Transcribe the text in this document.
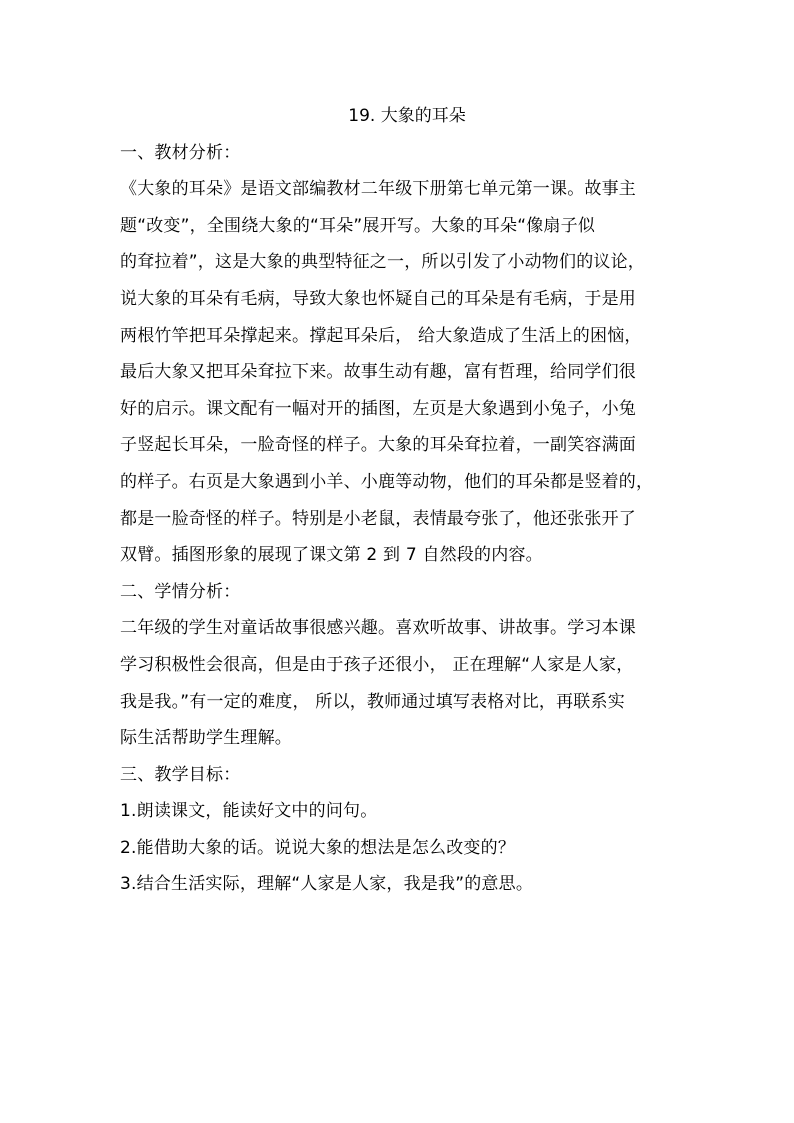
19. 大象的耳朵

一、教材分析：

《大象的耳朵》是语文部编教材二年级下册第七单元第一课。故事主

题“改变”，全围绕大象的“耳朵”展开写。大象的耳朵“像扇子似

的耷拉着”，这是大象的典型特征之一，所以引发了小动物们的议论，

说大象的耳朵有毛病，导致大象也怀疑自己的耳朵是有毛病，于是用

两根竹竿把耳朵撑起来。撑起耳朵后， 给大象造成了生活上的困恼，

最后大象又把耳朵耷拉下来。故事生动有趣，富有哲理，给同学们很

好的启示。课文配有一幅对开的插图，左页是大象遇到小兔子，小兔

子竖起长耳朵，一脸奇怪的样子。大象的耳朵耷拉着，一副笑容满面

的样子。右页是大象遇到小羊、小鹿等动物，他们的耳朵都是竖着的，

都是一脸奇怪的样子。特别是小老鼠，表情最夸张了，他还张张开了

双臂。插图形象的展现了课文第 2 到 7 自然段的内容。

二、学情分析：

二年级的学生对童话故事很感兴趣。喜欢听故事、讲故事。学习本课

学习积极性会很高，但是由于孩子还很小， 正在理解“人家是人家，

我是我。”有一定的难度， 所以，教师通过填写表格对比，再联系实

际生活帮助学生理解。

三、教学目标：

1.朗读课文，能读好文中的问句。

2.能借助大象的话。说说大象的想法是怎么改变的？

3.结合生活实际，理解“人家是人家，我是我”的意思。
